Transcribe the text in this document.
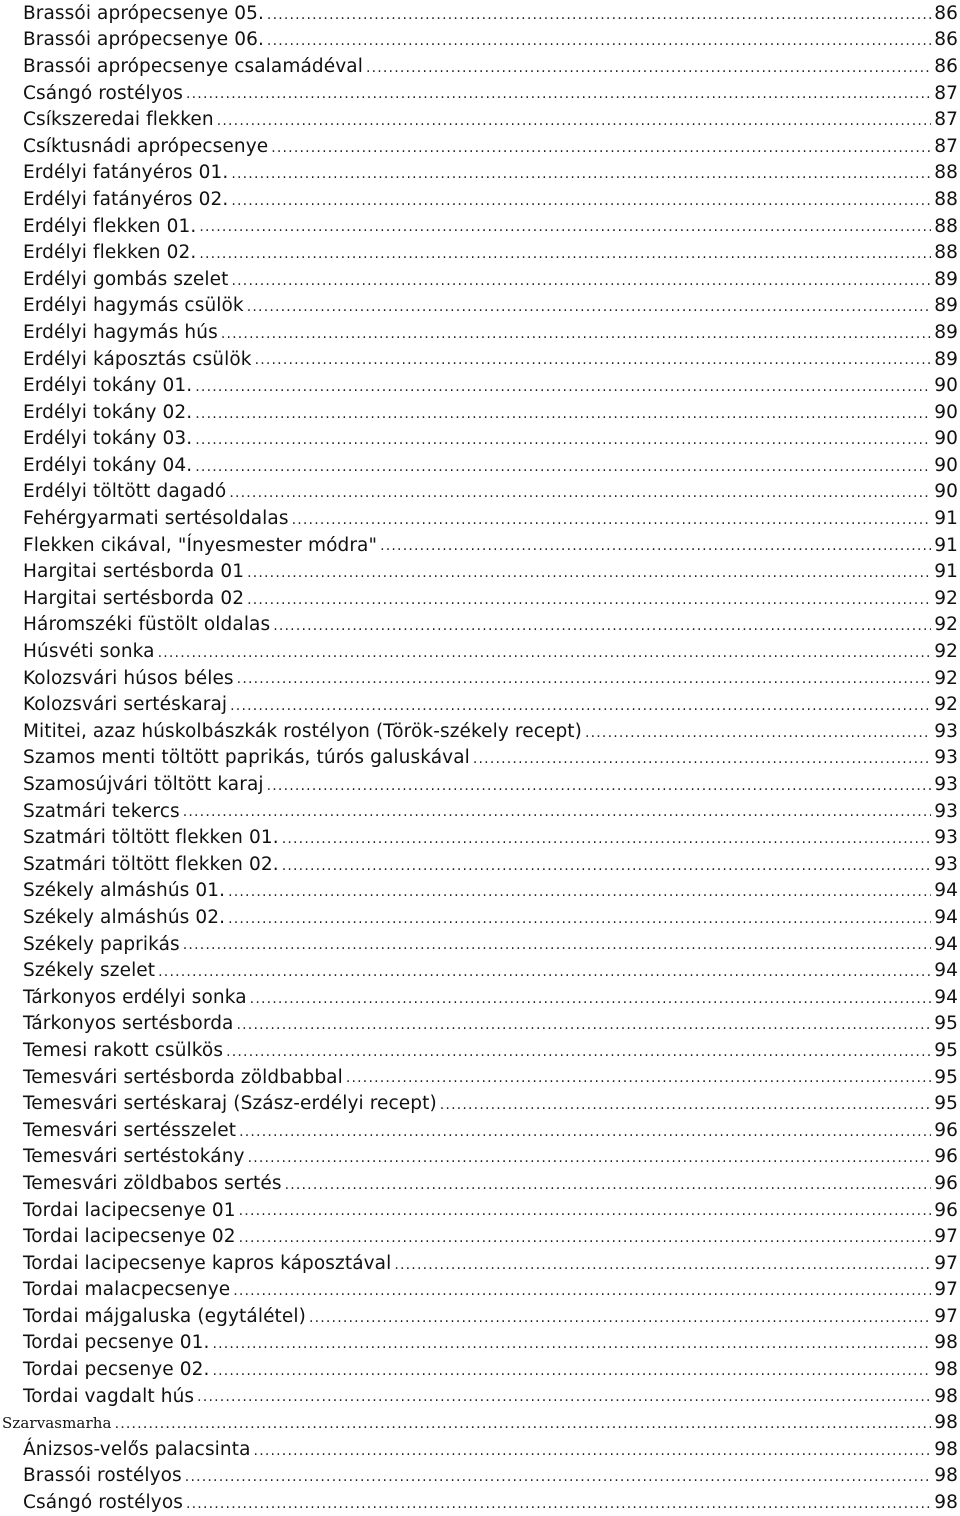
Brassói aprópecsenye 05. .....	86
Brassói aprópecsenye 06. .....	86
Brassói aprópecsenye csalamádéval .....	86
Csángó rostélyos .....	87
Csíkszeredai flekken .....	87
Csíktusnádi aprópecsenye .....	87
Erdélyi fatányéros 01. .....	88
Erdélyi fatányéros 02. .....	88
Erdélyi flekken 01. .....	88
Erdélyi flekken 02. .....	88
Erdélyi gombás szelet .....	89
Erdélyi hagymás csülök .....	89
Erdélyi hagymás hús .....	89
Erdélyi káposztás csülök .....	89
Erdélyi tokány 01. .....	90
Erdélyi tokány 02. .....	90
Erdélyi tokány 03. .....	90
Erdélyi tokány 04. .....	90
Erdélyi töltött dagadó .....	90
Fehérgyarmati sertésoldalas .....	91
Flekken cikával, "Ínyesmester módra" .....	91
Hargitai sertésborda 01 .....	91
Hargitai sertésborda 02 .....	92
Háromszéki füstölt oldalas .....	92
Húsvéti sonka .....	92
Kolozsvári húsos béles .....	92
Kolozsvári sertéskaraj .....	92
Mititei, azaz húskolbászkák rostélyon (Török-székely recept) .....	93
Szamos menti töltött paprikás, túrós galuskával .....	93
Szamosújvári töltött karaj .....	93
Szatmári tekercs .....	93
Szatmári töltött flekken 01. .....	93
Szatmári töltött flekken 02. .....	93
Székely almáshús 01. .....	94
Székely almáshús 02. .....	94
Székely paprikás .....	94
Székely szelet .....	94
Tárkonyos erdélyi sonka .....	94
Tárkonyos sertésborda .....	95
Temesi rakott csülkös .....	95
Temesvári sertésborda zöldbabbal .....	95
Temesvári sertéskaraj (Szász-erdélyi recept) .....	95
Temesvári sertésszelet .....	96
Temesvári sertéstokány .....	96
Temesvári zöldbabos sertés .....	96
Tordai lacipecsenye 01 .....	96
Tordai lacipecsenye 02 .....	97
Tordai lacipecsenye kapros káposztával .....	97
Tordai malacpecsenye .....	97
Tordai májgaluska (egytálétel) .....	97
Tordai pecsenye 01. .....	98
Tordai pecsenye 02. .....	98
Tordai vagdalt hús .....	98
Szarvasmarha .....	98
Ánizsos-velős palacsinta .....	98
Brassói rostélyos .....	98
Csángó rostélyos .....	98
